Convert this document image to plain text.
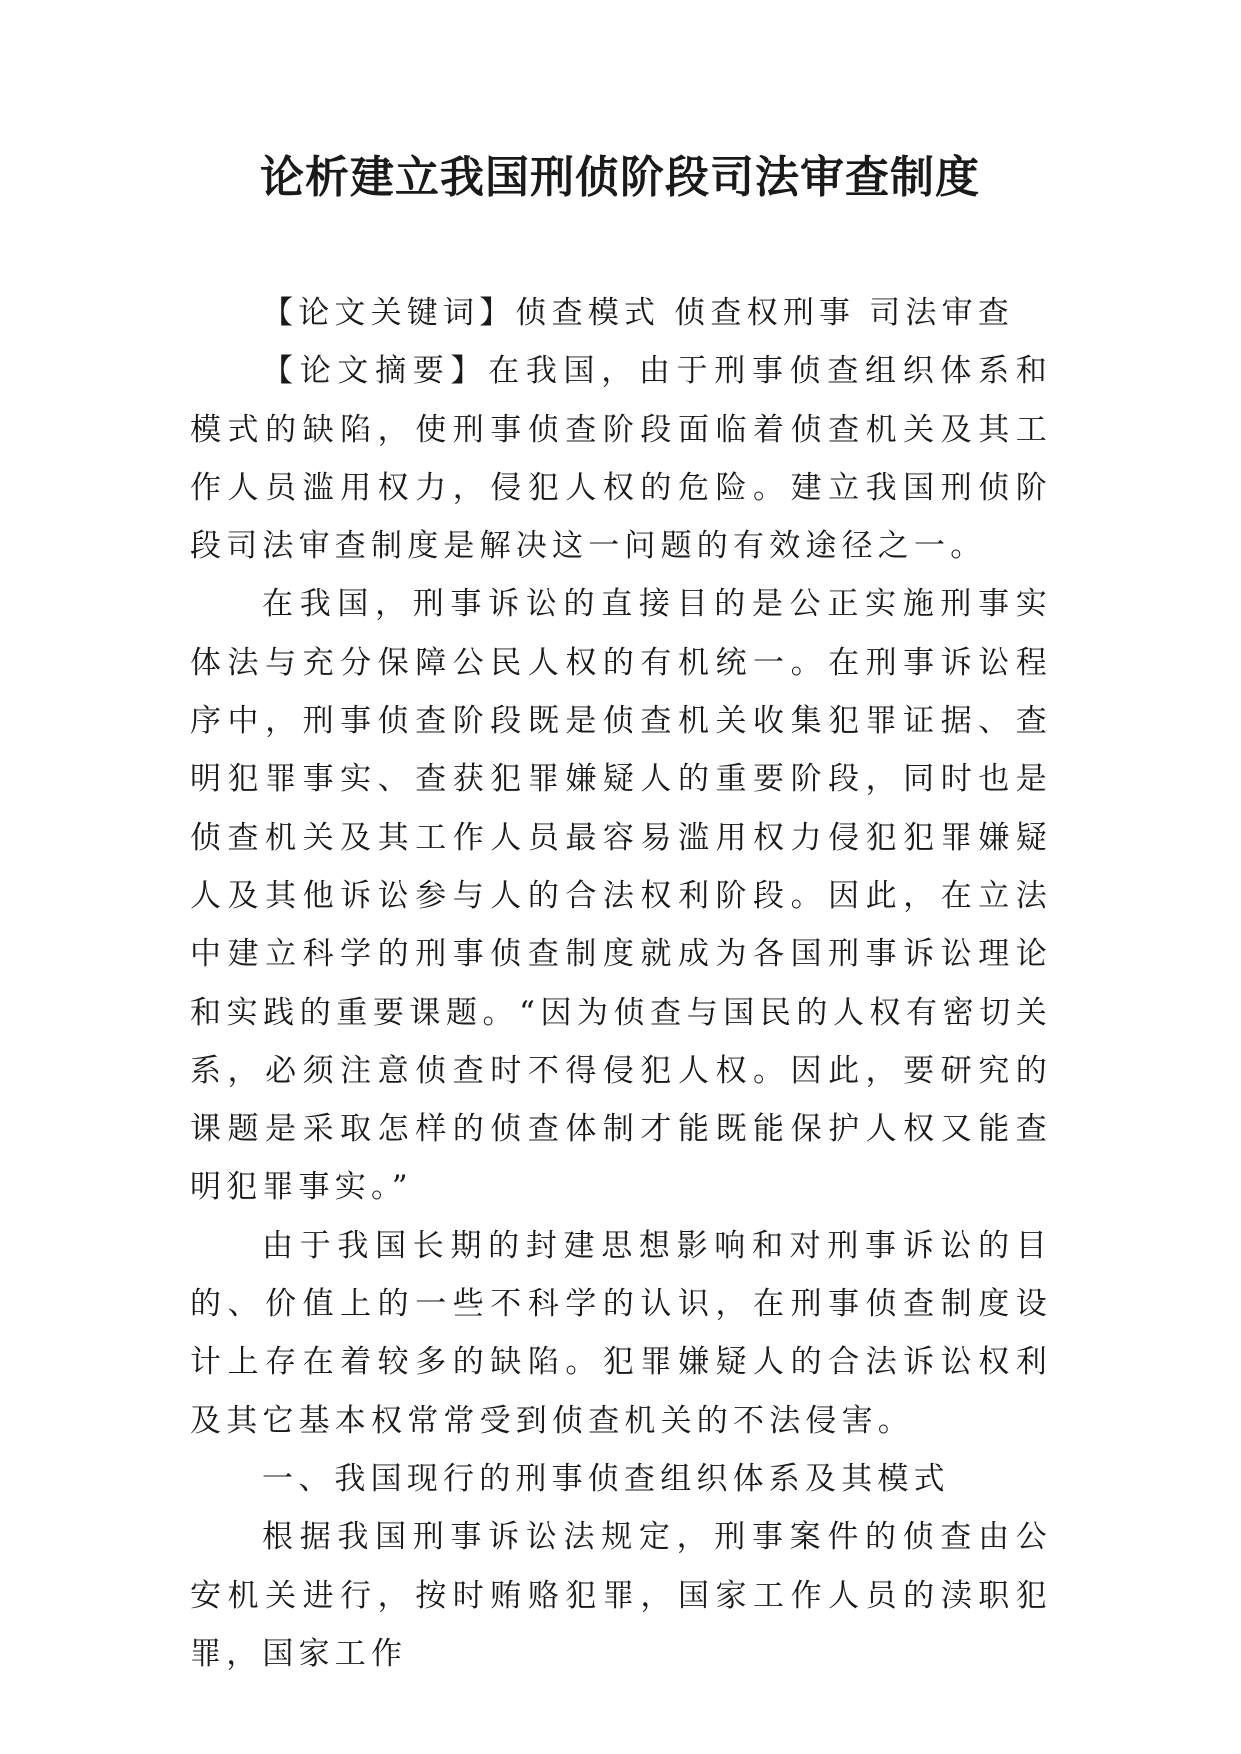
论析建立我国刑侦阶段司法审查制度

【论文关键词】侦查模式 侦查权刑事 司法审查

【论文摘要】在我国，由于刑事侦查组织体系和模式的缺陷，使刑事侦查阶段面临着侦查机关及其工作人员滥用权力，侵犯人权的危险。建立我国刑侦阶段司法审查制度是解决这一问题的有效途径之一。

在我国，刑事诉讼的直接目的是公正实施刑事实体法与充分保障公民人权的有机统一。在刑事诉讼程序中，刑事侦查阶段既是侦查机关收集犯罪证据、查明犯罪事实、查获犯罪嫌疑人的重要阶段，同时也是侦查机关及其工作人员最容易滥用权力侵犯犯罪嫌疑人及其他诉讼参与人的合法权利阶段。因此，在立法中建立科学的刑事侦查制度就成为各国刑事诉讼理论和实践的重要课题。“因为侦查与国民的人权有密切关系，必须注意侦查时不得侵犯人权。因此，要研究的课题是采取怎样的侦查体制才能既能保护人权又能查明犯罪事实。”

由于我国长期的封建思想影响和对刑事诉讼的目的、价值上的一些不科学的认识，在刑事侦查制度设计上存在着较多的缺陷。犯罪嫌疑人的合法诉讼权利及其它基本权常常受到侦查机关的不法侵害。

一、我国现行的刑事侦查组织体系及其模式

根据我国刑事诉讼法规定，刑事案件的侦查由公安机关进行，按时贿赂犯罪，国家工作人员的渎职犯罪，国家工作
